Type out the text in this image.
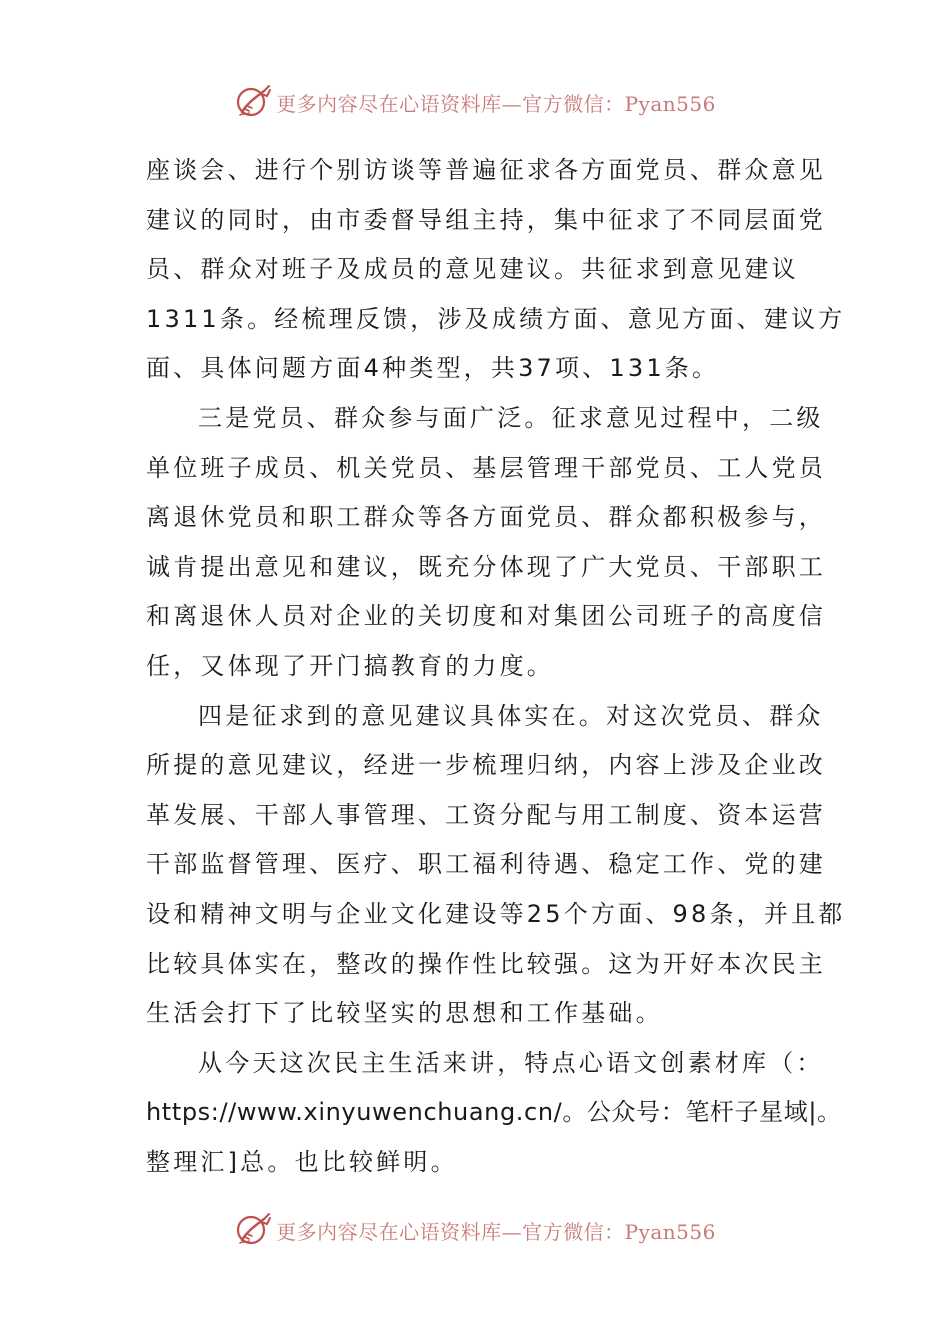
更多内容尽在心语资料库—官方微信：Pyan556
座谈会、进行个别访谈等普遍征求各方面党员、群众意见
建议的同时，由市委督导组主持，集中征求了不同层面党
员、群众对班子及成员的意见建议。共征求到意见建议
1311条。经梳理反馈，涉及成绩方面、意见方面、建议方
面、具体问题方面4种类型，共37项、131条。
三是党员、群众参与面广泛。征求意见过程中，二级
单位班子成员、机关党员、基层管理干部党员、工人党员
离退休党员和职工群众等各方面党员、群众都积极参与，
诚肯提出意见和建议，既充分体现了广大党员、干部职工
和离退休人员对企业的关切度和对集团公司班子的高度信
任，又体现了开门搞教育的力度。
四是征求到的意见建议具体实在。对这次党员、群众
所提的意见建议，经进一步梳理归纳，内容上涉及企业改
革发展、干部人事管理、工资分配与用工制度、资本运营
干部监督管理、医疗、职工福利待遇、稳定工作、党的建
设和精神文明与企业文化建设等25个方面、98条，并且都
比较具体实在，整改的操作性比较强。这为开好本次民主
生活会打下了比较坚实的思想和工作基础。
从今天这次民主生活来讲，特点心语文创素材库（：
https://www.xinyuwenchuang.cn/。公众号：笔杆子星域|。
整理汇]总。也比较鲜明。
更多内容尽在心语资料库—官方微信：Pyan556
